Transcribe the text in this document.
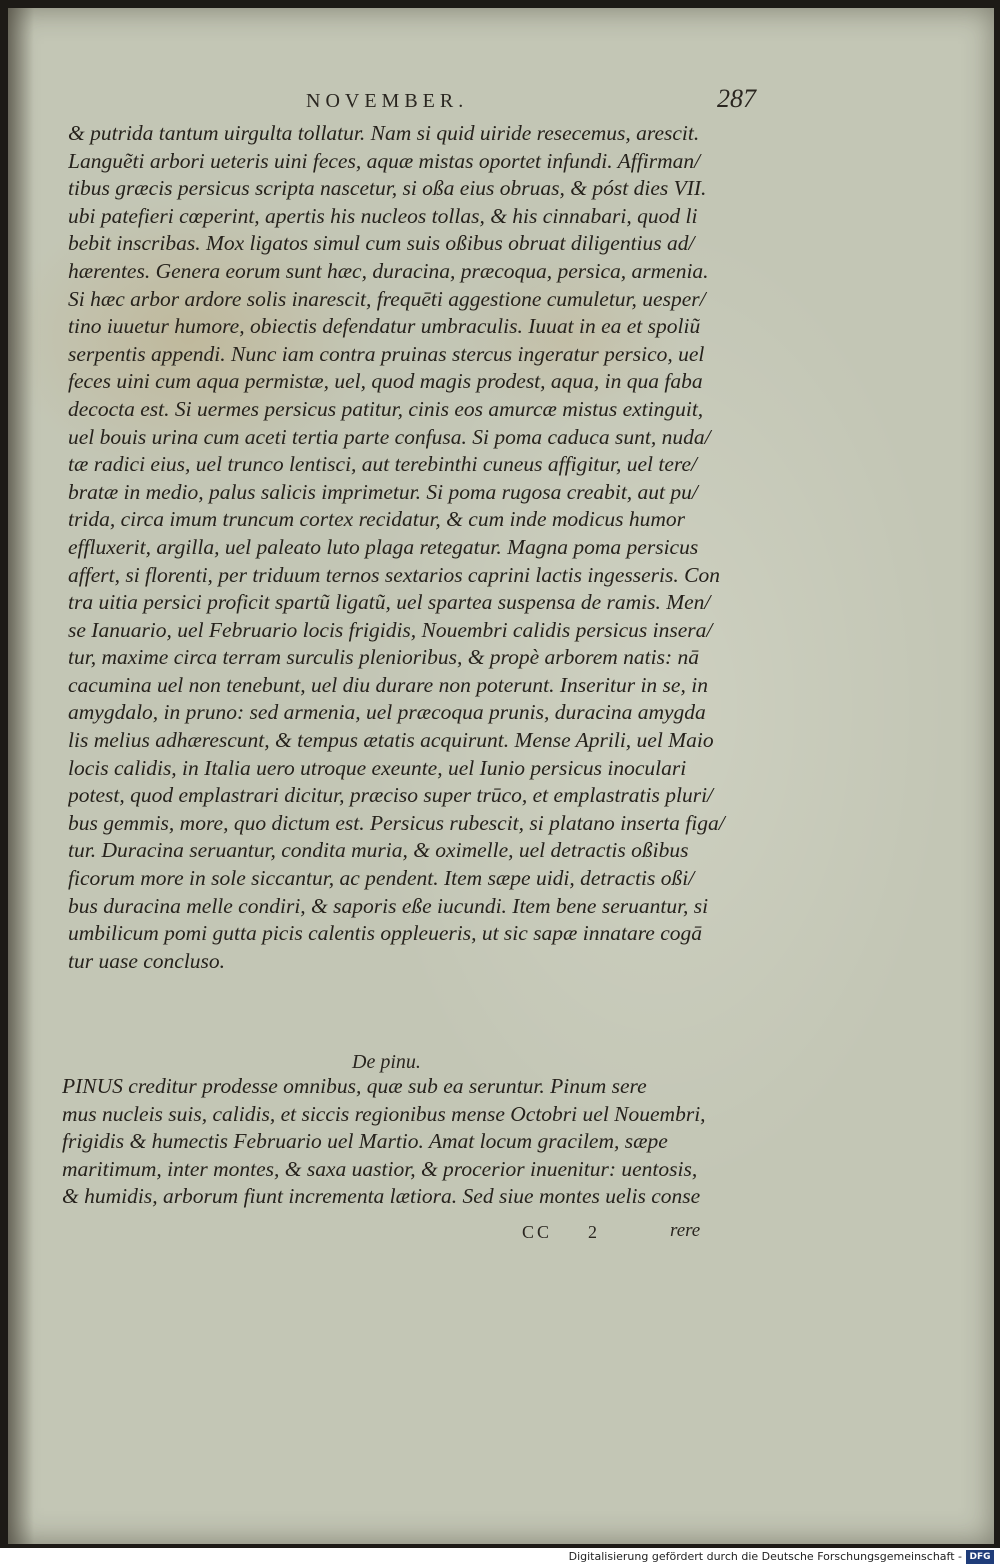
NOVEMBER.	287
& putrida tantum uirgulta tollatur. Nam si quid uiride resecemus, arescit.
Languẽti arbori ueteris uini feces, aquæ mistas oportet infundi. Affirman/
tibus græcis persicus scripta nascetur, si oßa eius obruas, & póst dies VII.
ubi patefieri cœperint, apertis his nucleos tollas, & his cinnabari, quod li
bebit inscribas. Mox ligatos simul cum suis oßibus obruat diligentius ad/
hærentes. Genera eorum sunt hæc, duracina, præcoqua, persica, armenia.
Si hæc arbor ardore solis inarescit, frequēti aggestione cumuletur, uesper/
tino iuuetur humore, obiectis defendatur umbraculis. Iuuat in ea et spoliũ
serpentis appendi. Nunc iam contra pruinas stercus ingeratur persico, uel
feces uini cum aqua permistæ, uel, quod magis prodest, aqua, in qua faba
decocta est. Si uermes persicus patitur, cinis eos amurcæ mistus extinguit,
uel bouis urina cum aceti tertia parte confusa. Si poma caduca sunt, nuda/
tæ radici eius, uel trunco lentisci, aut terebinthi cuneus affigitur, uel tere/
bratæ in medio, palus salicis imprimetur. Si poma rugosa creabit, aut pu/
trida, circa imum truncum cortex recidatur, & cum inde modicus humor
effluxerit, argilla, uel paleato luto plaga retegatur. Magna poma persicus
affert, si florenti, per triduum ternos sextarios caprini lactis ingesseris. Con
tra uitia persici proficit spartũ ligatũ, uel spartea suspensa de ramis. Men/
se Ianuario, uel Februario locis frigidis, Nouembri calidis persicus insera/
tur, maxime circa terram surculis plenioribus, & propè arborem natis: nā
cacumina uel non tenebunt, uel diu durare non poterunt. Inseritur in se, in
amygdalo, in pruno: sed armenia, uel præcoqua prunis, duracina amygda
lis melius adhærescunt, & tempus ætatis acquirunt. Mense Aprili, uel Maio
locis calidis, in Italia uero utroque exeunte, uel Iunio persicus inoculari
potest, quod emplastrari dicitur, præciso super trūco, et emplastratis pluri/
bus gemmis, more, quo dictum est. Persicus rubescit, si platano inserta figa/
tur. Duracina seruantur, condita muria, & oximelle, uel detractis oßibus
ficorum more in sole siccantur, ac pendent. Item sæpe uidi, detractis oßi/
bus duracina melle condiri, & saporis eße iucundi. Item bene seruantur, si
umbilicum pomi gutta picis calentis oppleueris, ut sic sapæ innatare cogā
tur uase concluso.
De pinu.
PINUS creditur prodesse omnibus, quæ sub ea seruntur. Pinum sere
mus nucleis suis, calidis, et siccis regionibus mense Octobri uel Nouembri,
frigidis & humectis Februario uel Martio. Amat locum gracilem, sæpe
maritimum, inter montes, & saxa uastior, & procerior inuenitur: uentosis,
& humidis, arborum fiunt incrementa lætiora. Sed siue montes uelis conse
CC 2	rere
Digitalisierung gefördert durch die Deutsche Forschungsgemeinschaft - DFG
